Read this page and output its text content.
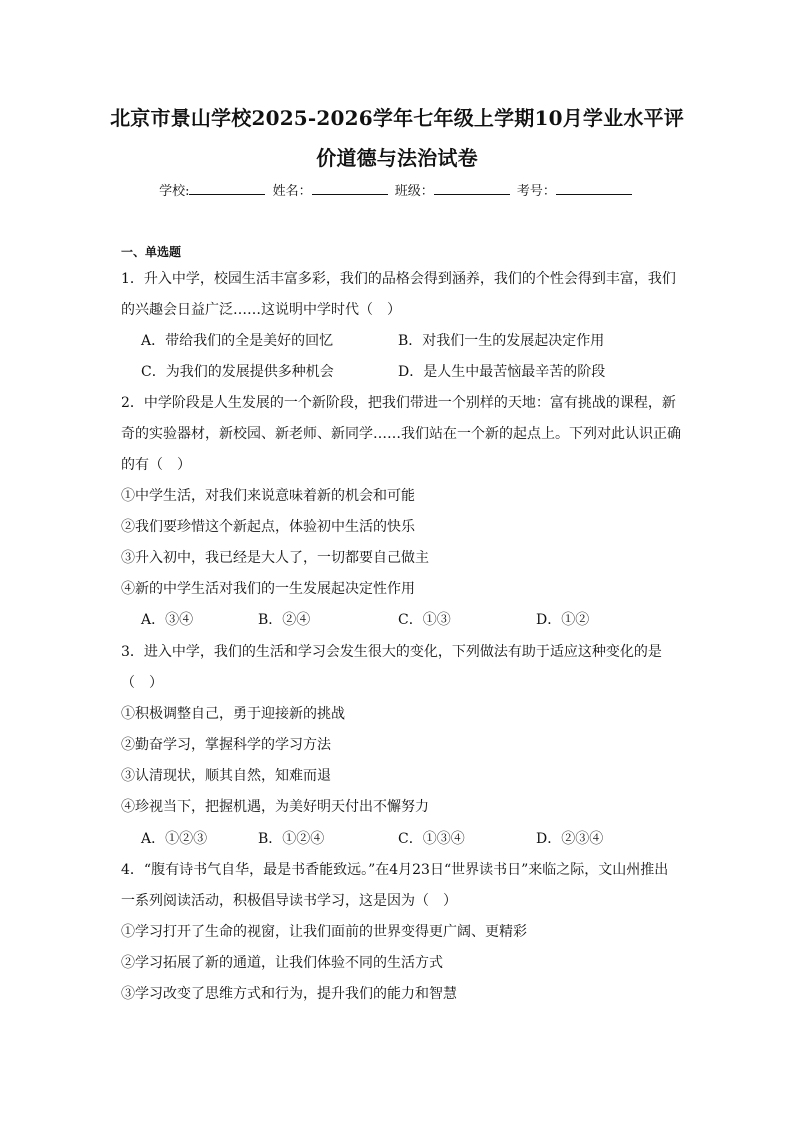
北京市景山学校2025-2026学年七年级上学期10月学业水平评
价道德与法治试卷
学校:	姓名：	班级：	考号：
一、单选题
1．升入中学，校园生活丰富多彩，我们的品格会得到涵养，我们的个性会得到丰富，我们
的兴趣会日益广泛……这说明中学时代（　）
A．带给我们的全是美好的回忆	B．对我们一生的发展起决定作用
C．为我们的发展提供多种机会	D．是人生中最苦恼最辛苦的阶段
2．中学阶段是人生发展的一个新阶段，把我们带进一个别样的天地：富有挑战的课程，新
奇的实验器材，新校园、新老师、新同学……我们站在一个新的起点上。下列对此认识正确
的有（　）
①中学生活，对我们来说意味着新的机会和可能
②我们要珍惜这个新起点，体验初中生活的快乐
③升入初中，我已经是大人了，一切都要自己做主
④新的中学生活对我们的一生发展起决定性作用
A．③④	B．②④	C．①③	D．①②
3．进入中学，我们的生活和学习会发生很大的变化，下列做法有助于适应这种变化的是
（　）
①积极调整自己，勇于迎接新的挑战
②勤奋学习，掌握科学的学习方法
③认清现状，顺其自然，知难而退
④珍视当下，把握机遇，为美好明天付出不懈努力
A．①②③	B．①②④	C．①③④	D．②③④
4．“腹有诗书气自华，最是书香能致远。”在4月23日“世界读书日”来临之际，文山州推出
一系列阅读活动，积极倡导读书学习，这是因为（　）
①学习打开了生命的视窗，让我们面前的世界变得更广阔、更精彩
②学习拓展了新的通道，让我们体验不同的生活方式
③学习改变了思维方式和行为，提升我们的能力和智慧
